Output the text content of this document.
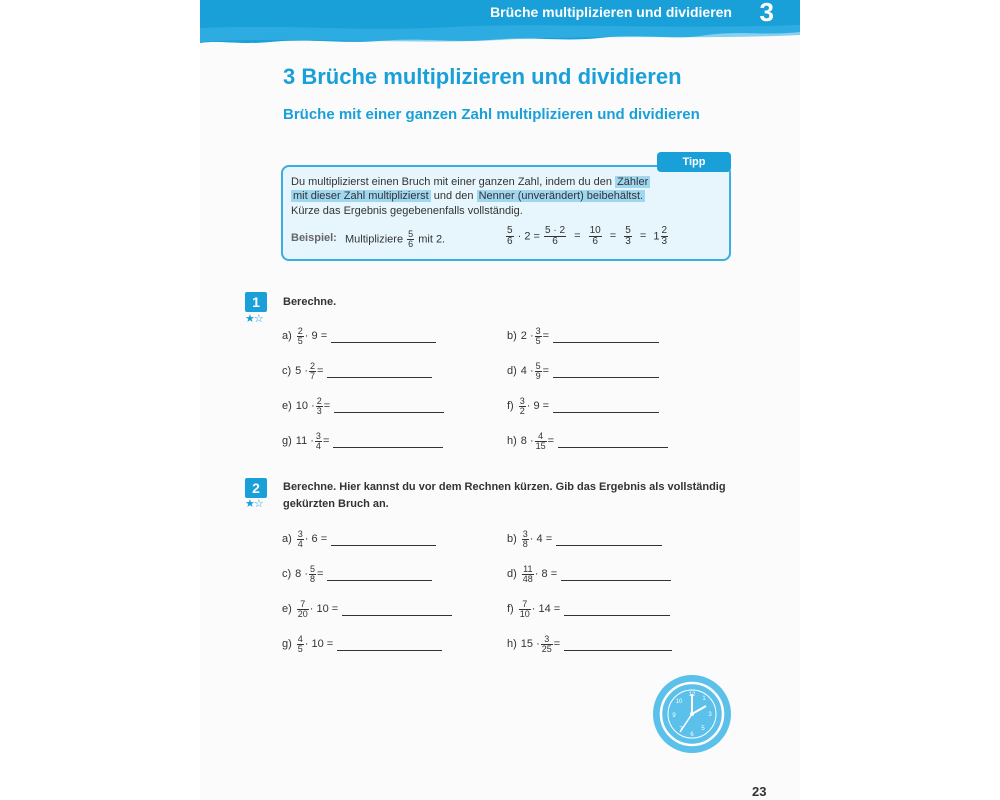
Brüche multiplizieren und dividieren 3
3 Brüche multiplizieren und dividieren
Brüche mit einer ganzen Zahl multiplizieren und dividieren
Tipp
Du multiplizierst einen Bruch mit einer ganzen Zahl, indem du den Zähler
mit dieser Zahl multiplizierst und den Nenner (unverändert) beibehältst.
Kürze das Ergebnis gegebenenfalls vollständig.
Beispiel: Multipliziere $\frac{5}{6}$ mit 2.	$\frac{5}{6} \cdot 2 = \frac{5 \cdot 2}{6} = \frac{10}{6} = \frac{5}{3} = 1 \frac{2}{3}$
1
★☆
Berechne.
$a) \frac{2}{5} \cdot 9$ =	b) $2 \cdot \frac{3}{5}$ =
c) $5 \cdot \frac{2}{7}$ =	d) $4 \cdot \frac{5}{9}$ =
e) $10 \cdot \frac{2}{3}$ =	$f) \frac{3}{2} \cdot 9$ =
g) $11 \cdot \frac{3}{4}$ =	h) $8 \cdot \frac{4}{15}$ =
2
★☆
Berechne. Hier kannst du vor dem Rechnen kürzen. Gib das Ergebnis als vollständig gekürzten Bruch an.
$a) \frac{3}{4} \cdot 6$ =	$b) \frac{3}{8} \cdot 4$ =
c) $8 \cdot \frac{5}{8}$ =	$d) \frac{11}{48} \cdot 8$ =
$e) \frac{7}{20} \cdot 10$ =	$f) \frac{7}{10} \cdot 14$ =
$g) \frac{4}{5} \cdot 10$ =	h) $15 \cdot \frac{3}{25}$ =
12
1
3
5
6
7
9
10
23
